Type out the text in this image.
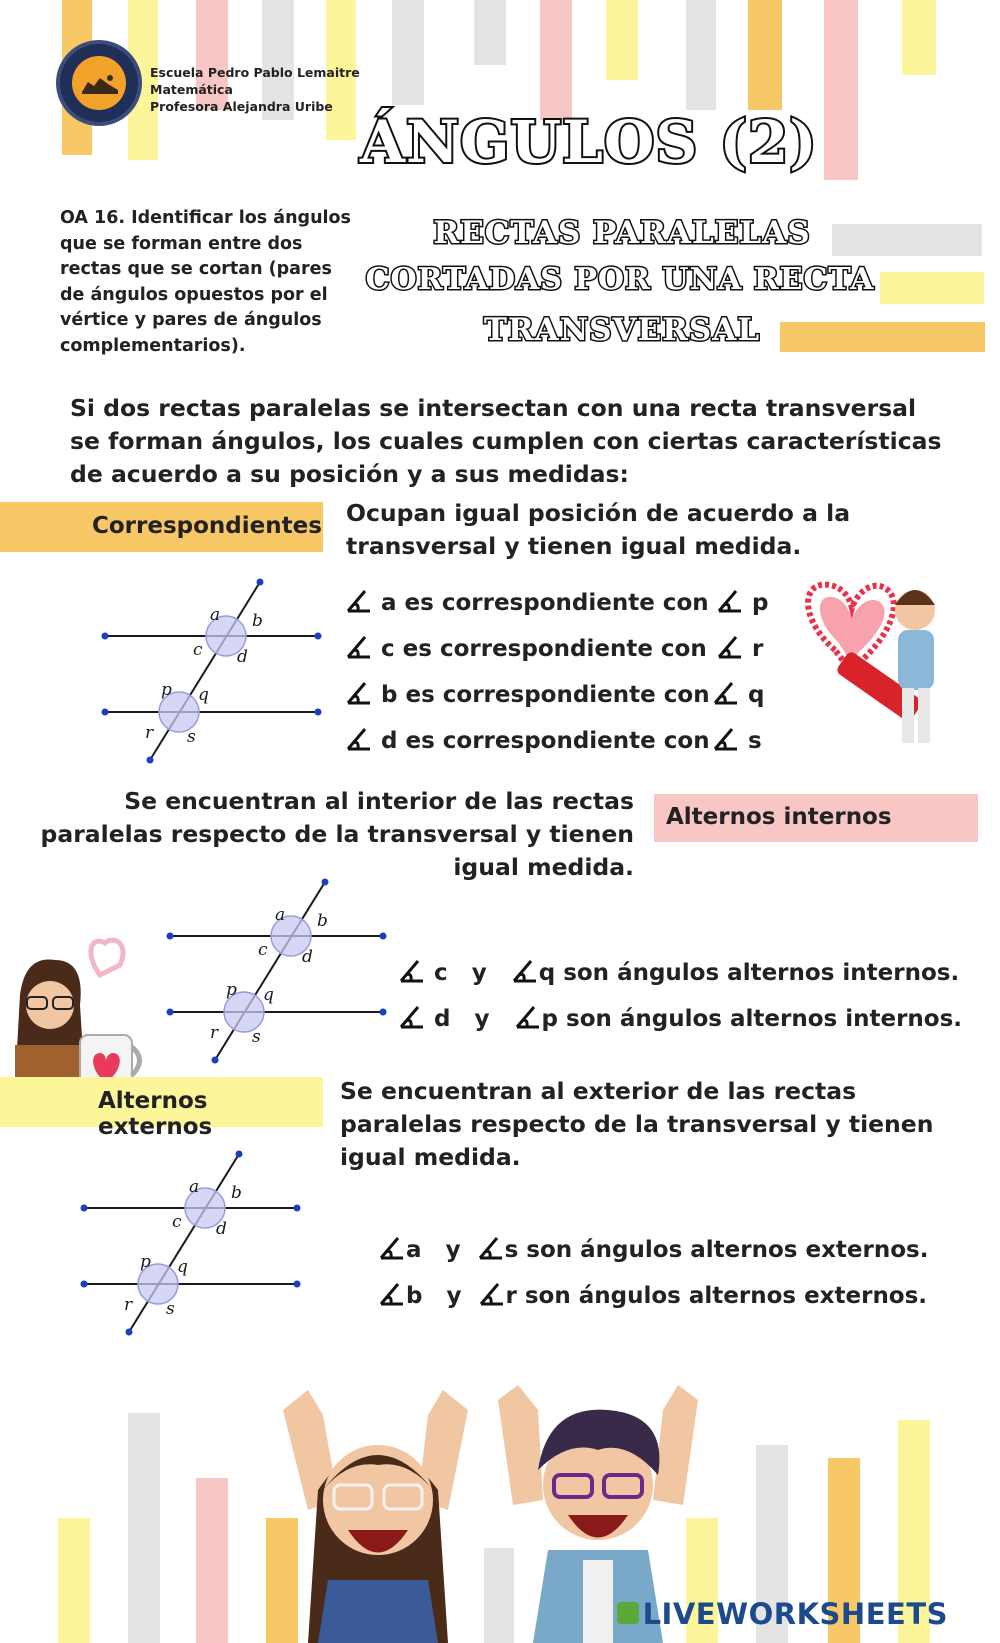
Escuela Pedro Pablo Lemaitre
Matemática
Profesora Alejandra Uribe
ÁNGULOS (2)
RECTAS PARALELAS
CORTADAS POR UNA RECTA
TRANSVERSAL
OA 16. Identificar los ángulos que se forman entre dos rectas que se cortan (pares de ángulos opuestos por el vértice y pares de ángulos complementarios).
Si dos rectas paralelas se intersectan con una recta transversal se forman ángulos, los cuales cumplen con ciertas características de acuerdo a su posición y a sus medidas:
Correspondientes Ocupan igual posición de acuerdo a la transversal y tienen igual medida.
a b
c d
p q
r s
a es correspondiente con	p
c es correspondiente con	r
b es correspondiente con	q
d es correspondiente con	s
Se encuentran al interior de las rectas paralelas respecto de la transversal y tienen igual medida.
Alternos internos
a b
c d
p q
r s
c y q son ángulos alternos internos.
d y p son ángulos alternos internos.
Alternos externos
Se encuentran al exterior de las rectas paralelas respecto de la transversal y tienen igual medida.
a b
c d
p q
r s
a y s son ángulos alternos externos.
b y r son ángulos alternos externos.
LIVEWORKSHEETS
